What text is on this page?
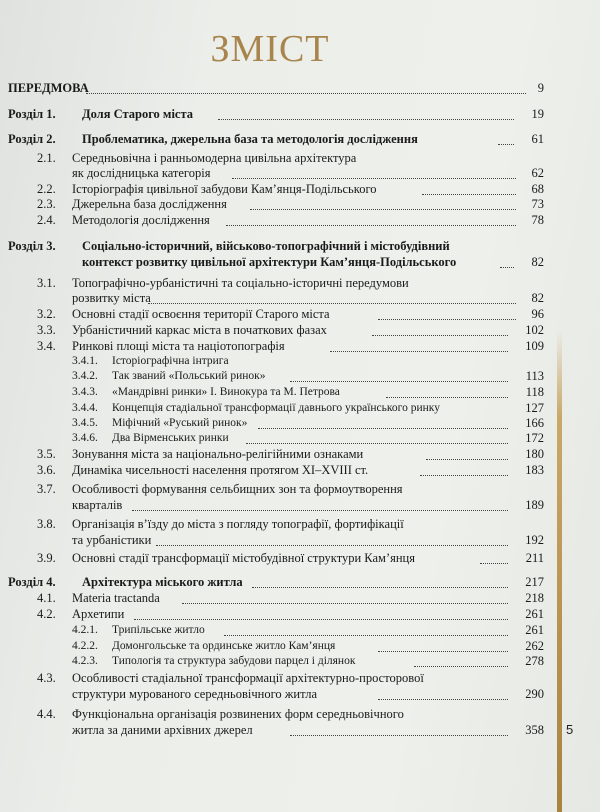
5
ЗМІСТ
ПЕРЕДМОВА	9
Розділ 1. Доля Старого міста	19
Розділ 2. Проблематика, джерельна база та методологія дослідження	61
2.1. Середньовічна і ранньомодерна цивільна архітектура
як дослідницька категорія	62
2.2. Історіографія цивільної забудови Кам’янця-Подільського	68
2.3. Джерельна база дослідження	73
2.4. Методологія дослідження	78
Розділ 3. Соціально-історичний, військово-топографічний і містобудівний
контекст розвитку цивільної архітектури Кам’янця-Подільського	82
3.1. Топографічно-урбаністичні та соціально-історичні передумови
розвитку міста	82
3.2. Основні стадії освоєння території Старого міста	96
3.3. Урбаністичний каркас міста в початкових фазах	102
3.4. Ринкові площі міста та націотопографія	109
3.4.1. Історіографічна інтрига
3.4.2. Так званий «Польський ринок»	113
3.4.3. «Мандрівні ринки» І. Винокура та М. Петрова	118
3.4.4. Концепція стадіальної трансформації давнього українського ринку	127
3.4.5. Міфічний «Руський ринок»	166
3.4.6. Два Вірменських ринки	172
3.5. Зонування міста за національно-релігійними ознаками	180
3.6. Динаміка чисельності населення протягом XI–XVIII ст.	183
3.7. Особливості формування сельбищних зон та формоутворення
кварталів	189
3.8. Організація в’їзду до міста з погляду топографії, фортифікації
та урбаністики	192
3.9. Основні стадії трансформації містобудівної структури Кам’янця	211
Розділ 4. Архітектура міського житла	217
4.1. Materia tractanda	218
4.2. Архетипи	261
4.2.1. Трипільське житло	261
4.2.2. Домонгольське та ординське житло Кам’янця	262
4.2.3. Типологія та структура забудови парцел і ділянок	278
4.3. Особливості стадіальної трансформації архітектурно-просторової
структури мурованого середньовічного житла	290
4.4. Функціональна організація розвинених форм середньовічного
житла за даними архівних джерел	358
